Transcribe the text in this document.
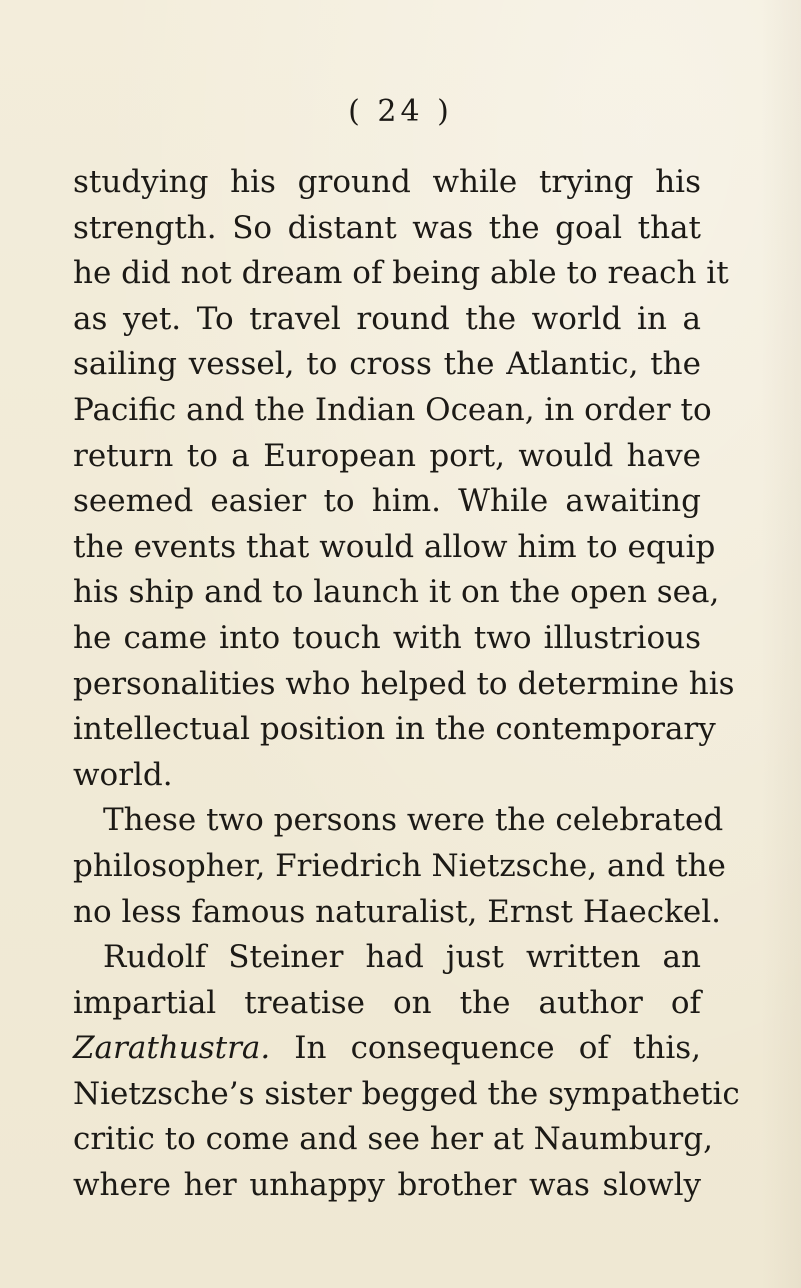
( 24 )
studying his ground while trying his
strength. So distant was the goal that
he did not dream of being able to reach it
as yet. To travel round the world in a
sailing vessel, to cross the Atlantic, the
Pacific and the Indian Ocean, in order to
return to a European port, would have
seemed easier to him. While awaiting
the events that would allow him to equip
his ship and to launch it on the open sea,
he came into touch with two illustrious
personalities who helped to determine his
intellectual position in the contemporary
world.
These two persons were the celebrated
philosopher, Friedrich Nietzsche, and the
no less famous naturalist, Ernst Haeckel.
Rudolf Steiner had just written an
impartial treatise on the author of
Zarathustra. In consequence of this,
Nietzsche’s sister begged the sympathetic
critic to come and see her at Naumburg,
where her unhappy brother was slowly
